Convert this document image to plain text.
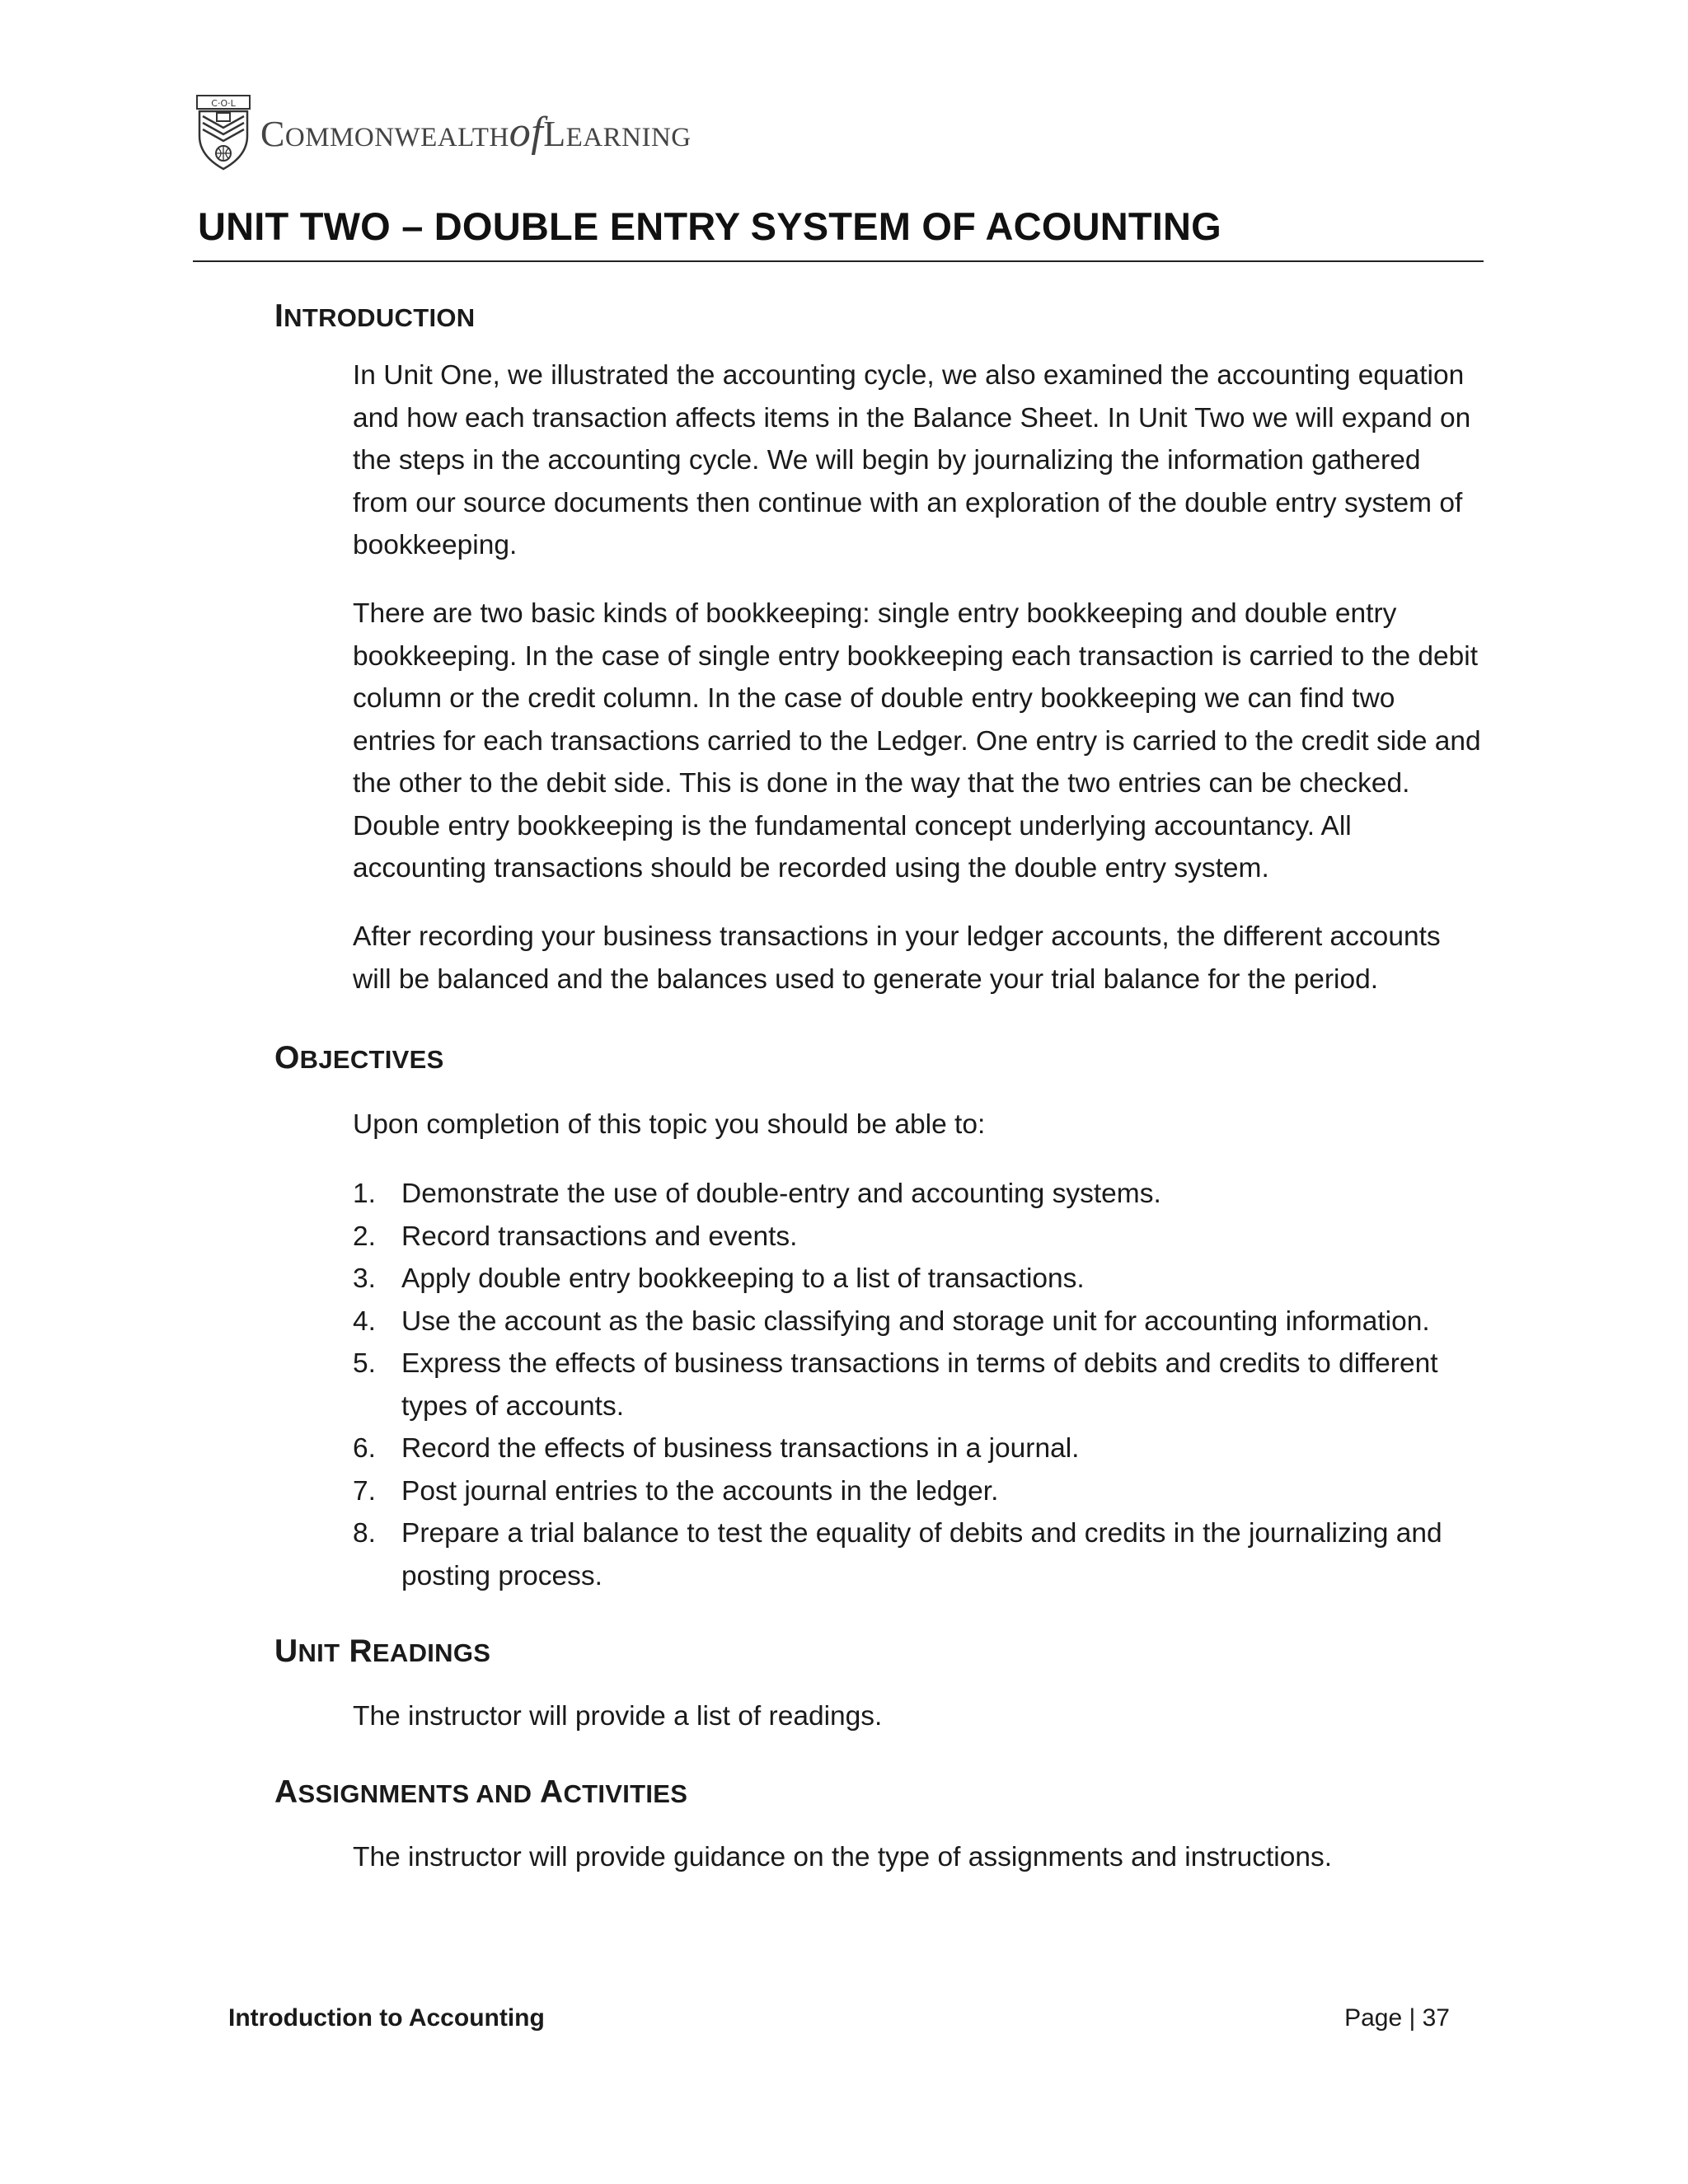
C·O·L
COMMONWEALTHofLEARNING
UNIT TWO – DOUBLE ENTRY SYSTEM OF ACOUNTING
INTRODUCTION

In Unit One, we illustrated the accounting cycle, we also examined the accounting equation and how each transaction affects items in the Balance Sheet. In Unit Two we will expand on the steps in the accounting cycle. We will begin by journalizing the information gathered from our source documents then continue with an exploration of the double entry system of bookkeeping.

There are two basic kinds of bookkeeping: single entry bookkeeping and double entry bookkeeping. In the case of single entry bookkeeping each transaction is carried to the debit column or the credit column. In the case of double entry bookkeeping we can find two entries for each transactions carried to the Ledger. One entry is carried to the credit side and the other to the debit side. This is done in the way that the two entries can be checked. Double entry bookkeeping is the fundamental concept underlying accountancy. All accounting transactions should be recorded using the double entry system.

After recording your business transactions in your ledger accounts, the different accounts will be balanced and the balances used to generate your trial balance for the period.

OBJECTIVES

Upon completion of this topic you should be able to:

1. Demonstrate the use of double-entry and accounting systems.
2. Record transactions and events.
3. Apply double entry bookkeeping to a list of transactions.
4. Use the account as the basic classifying and storage unit for accounting information.
5. Express the effects of business transactions in terms of debits and credits to different types of accounts.
6. Record the effects of business transactions in a journal.
7. Post journal entries to the accounts in the ledger.
8. Prepare a trial balance to test the equality of debits and credits in the journalizing and posting process.
UNIT READINGS

The instructor will provide a list of readings.

ASSIGNMENTS AND ACTIVITIES

The instructor will provide guidance on the type of assignments and instructions.

Introduction to Accounting	Page | 37
